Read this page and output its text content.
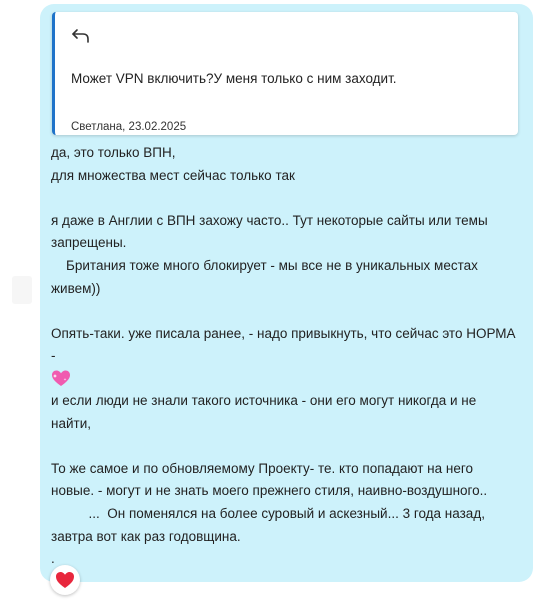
Может VPN включить?У меня только с ним заходит.
Светлана, 23.02.2025
да, это только ВПН,
для множества мест сейчас только так
я даже в Англии с ВПН захожу часто.. Тут некоторые сайты или темы
запрещены.
Британия тоже много блокирует - мы все не в уникальных местах
живем))
Опять-таки. уже писала ранее, - надо привыкнуть, что сейчас это НОРМА
-
и если люди не знали такого источника - они его могут никогда и не
найти,
То же самое и по обновляемому Проекту- те. кто попадают на него
новые. - могут и не знать моего прежнего стиля, наивно-воздушного..
...  Он поменялся на более суровый и аскезный... 3 года назад,
завтра вот как раз годовщина.
.
